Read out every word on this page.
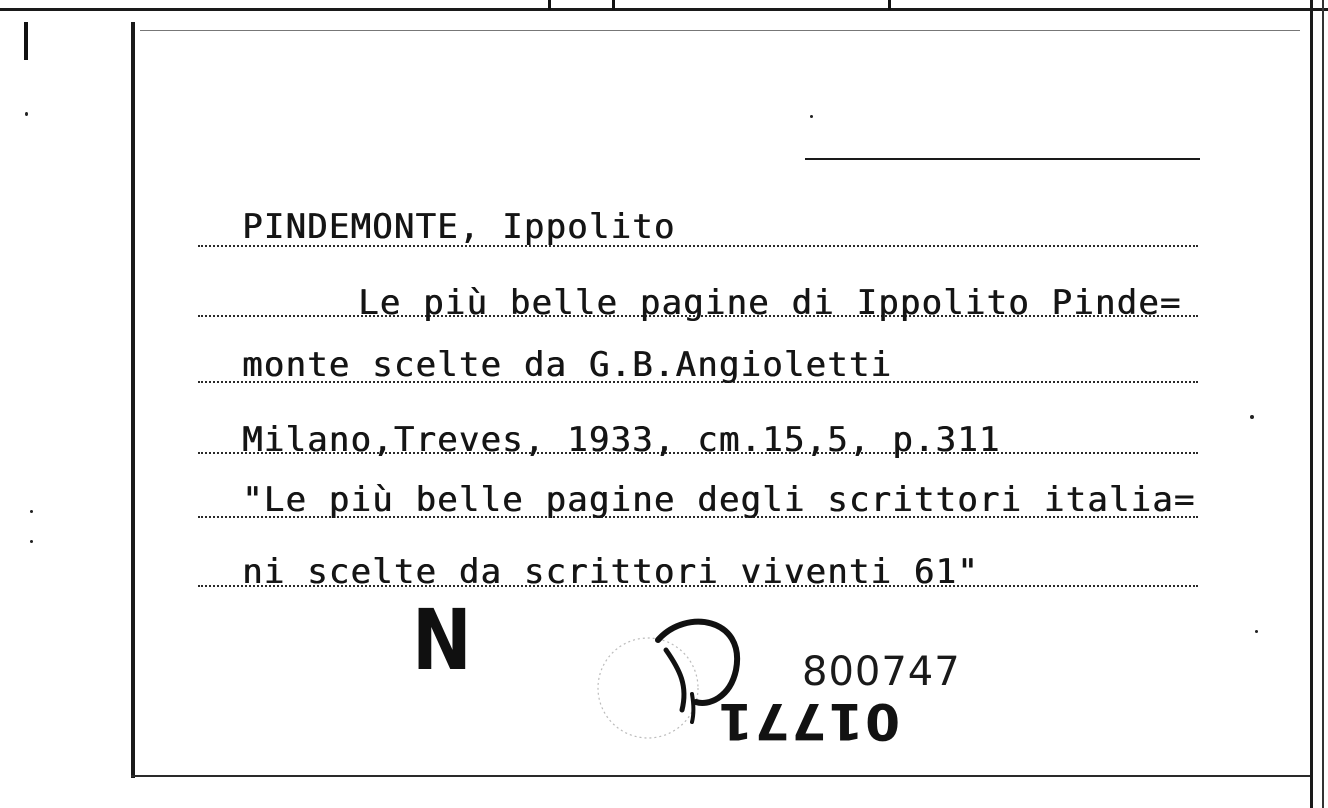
PINDEMONTE, Ippolito
Le più belle pagine di Ippolito Pinde=
monte scelte da G.B.Angioletti
Milano,Treves, 1933, cm.15,5, p.311
"Le più belle pagine degli scrittori italia=
ni scelte da scrittori viventi 61"
N	800747
01771
